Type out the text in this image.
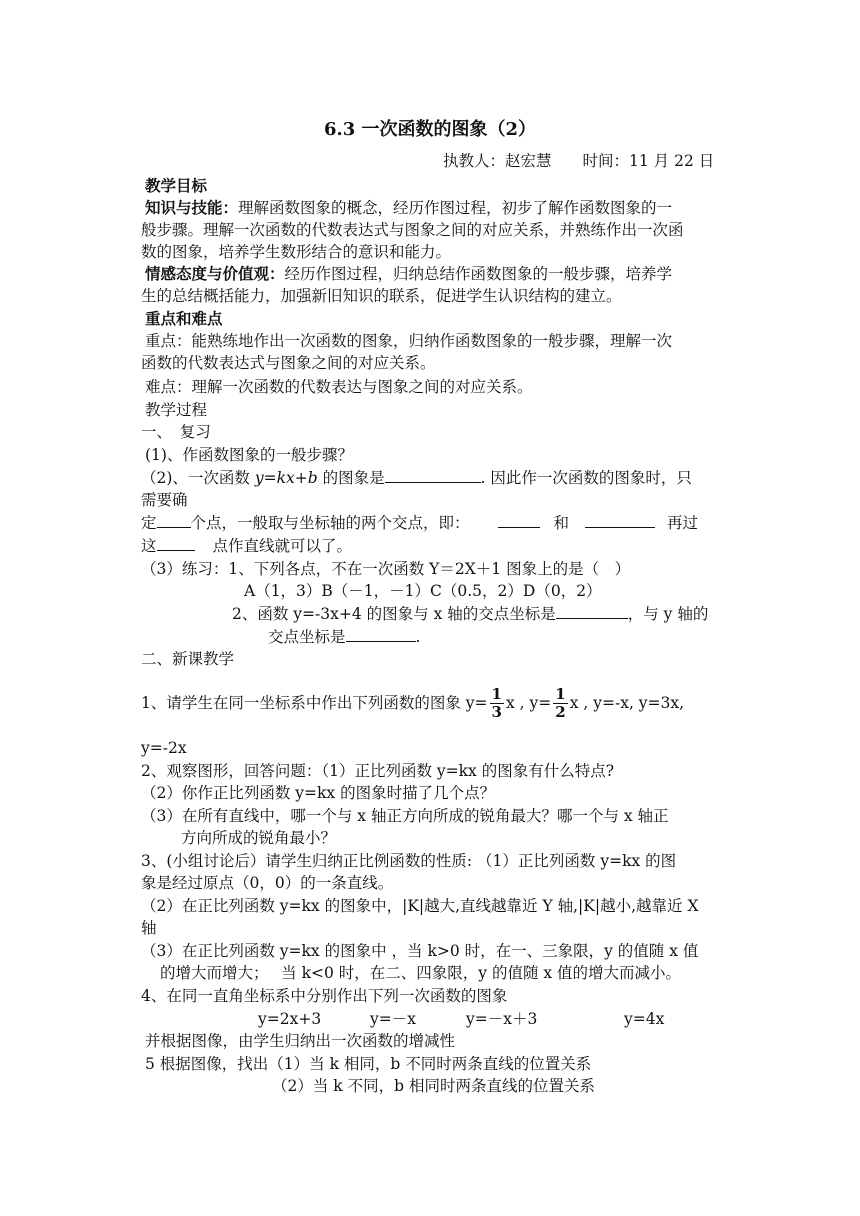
6.3 一次函数的图象（2）
执教人：赵宏慧　　时间：11 月 22 日
教学目标
知识与技能：理解函数图象的概念，经历作图过程，初步了解作函数图象的一
般步骤。理解一次函数的代数表达式与图象之间的对应关系，并熟练作出一次函
数的图象，培养学生数形结合的意识和能力。
情感态度与价值观：经历作图过程，归纳总结作函数图象的一般步骤，培养学
生的总结概括能力，加强新旧知识的联系，促进学生认识结构的建立。
重点和难点
重点：能熟练地作出一次函数的图象，归纳作函数图象的一般步骤，理解一次
函数的代数表达式与图象之间的对应关系。
难点：理解一次函数的代数表达与图象之间的对应关系。
教学过程
一、　复习
(1)、作函数图象的一般步骤？
（2)、一次函数 y=kx+b 的图象是	. 因此作一次函数的图象时，只
需要确
定 个点，一般取与坐标轴的两个交点，即：	和	再过
这	点作直线就可以了。
（3）练习：1、下列各点，不在一次函数 Y＝2X＋1 图象上的是（　）
A（1，3）B（－1，－1）C（0.5，2）D（0，2）
2、函数 y=-3x+4 的图象与 x 轴的交点坐标是	，与 y 轴的
交点坐标是	.
二、新课教学
1、请学生在同一坐标系中作出下列函数的图象 $y= \frac{1}{3}$ x , $y= \frac{1}{2}$ x , y=-x, y=3x,
y=-2x
2、观察图形，回答问题：（1）正比列函数 y=kx 的图象有什么特点?
（2）你作正比列函数 y=kx 的图象时描了几个点？
（3）在所有直线中，哪一个与 x 轴正方向所成的锐角最大？哪一个与 x 轴正
方向所成的锐角最小？
3、(小组讨论后）请学生归纳正比例函数的性质: （1）正比列函数 y=kx 的图
象是经过原点（0，0）的一条直线。
（2）在正比列函数 y=kx 的图象中，|K|越大,直线越靠近 Y 轴,|K|越小,越靠近 X
轴
（3）在正比列函数 y=kx 的图象中 ，当 k>0 时，在一、三象限，y 的值随 x 值
的增大而增大；　 当 k<0 时，在二、四象限，y 的值随 x 值的增大而减小。
4、在同一直角坐标系中分别作出下列一次函数的图象
y=2x+3	y=－x	y=－x＋3	y=4x
并根据图像，由学生归纳出一次函数的增减性
5 根据图像，找出（1）当 k 相同，b 不同时两条直线的位置关系
（2）当 k 不同，b 相同时两条直线的位置关系
